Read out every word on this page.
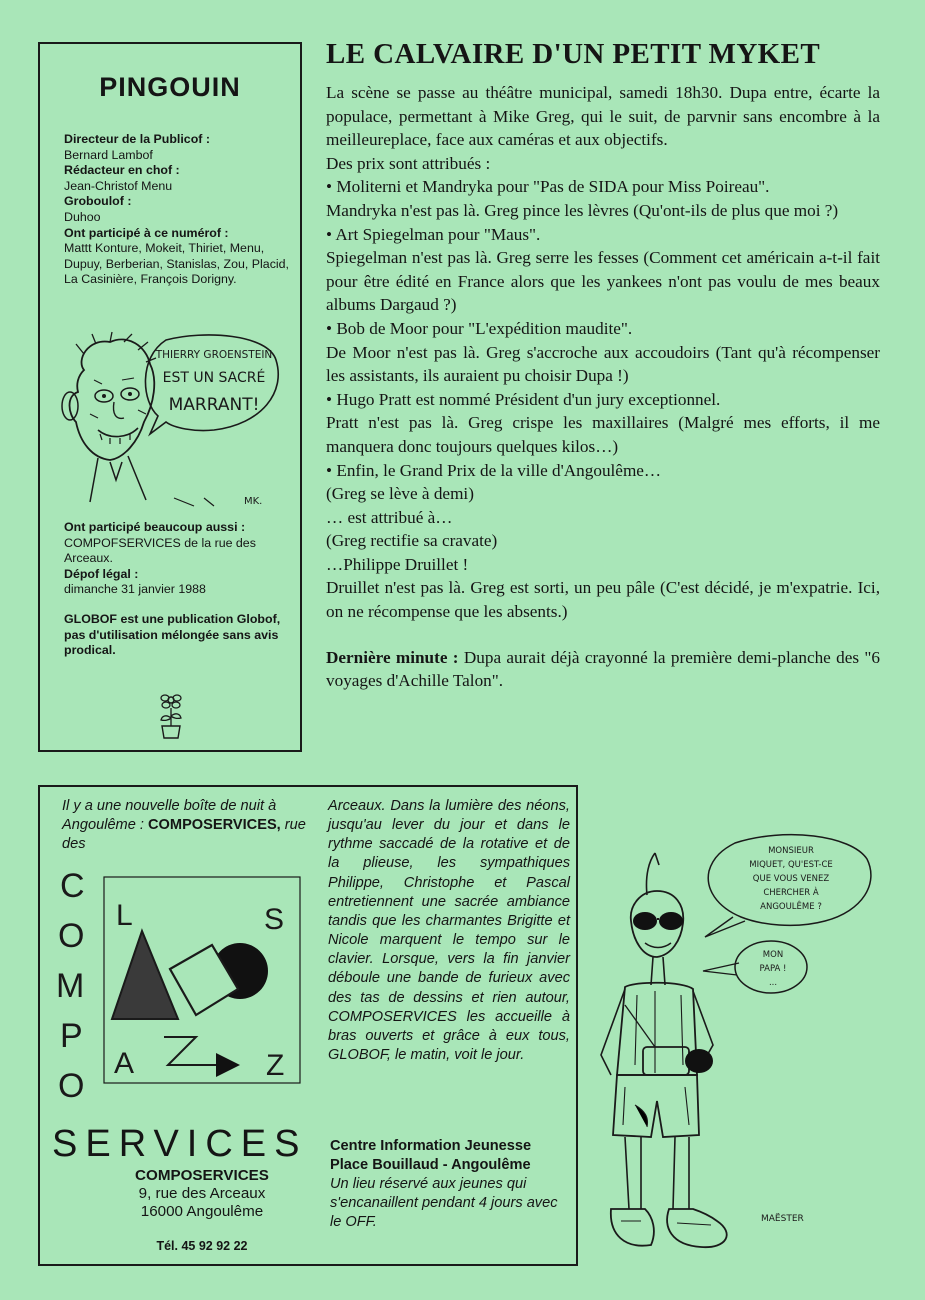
PINGOUIN
Directeur de la Publicof :
Bernard Lambof
Rédacteur en chof :
Jean-Christof Menu
Groboulof :
Duhoo
Ont participé à ce numérof :
Mattt Konture, Mokeit, Thiriet, Menu, Dupuy, Berberian, Stanislas, Zou, Placid, La Casinière, François Dorigny.
THIERRY GROENSTEIN
EST UN SACRÉ
MARRANT!
MK.
Ont participé beaucoup aussi :
COMPOFSERVICES de la rue des Arceaux.
Dépof légal :
dimanche 31 janvier 1988
GLOBOF est une publication Globof, pas d'utilisation mélongée sans avis prodical.
LE CALVAIRE D'UN PETIT MYKET

La scène se passe au théâtre municipal, samedi 18h30. Dupa entre, écarte la populace, permettant à Mike Greg, qui le suit, de parvnir sans encombre à la meilleureplace, face aux caméras et aux objectifs.

Des prix sont attribués :

• Moliterni et Mandryka pour "Pas de SIDA pour Miss Poireau".

Mandryka n'est pas là. Greg pince les lèvres (Qu'ont-ils de plus que moi ?)

• Art Spiegelman pour "Maus".

Spiegelman n'est pas là. Greg serre les fesses (Comment cet américain a-t-il fait pour être édité en France alors que les yankees n'ont pas voulu de mes beaux albums Dargaud ?)

• Bob de Moor pour "L'expédition maudite".

De Moor n'est pas là. Greg s'accroche aux accoudoirs (Tant qu'à récompenser les assistants, ils auraient pu choisir Dupa !)

• Hugo Pratt est nommé Président d'un jury exceptionnel.

Pratt n'est pas là. Greg crispe les maxillaires (Malgré mes efforts, il me manquera donc toujours quelques kilos…)

• Enfin, le Grand Prix de la ville d'Angoulême…

(Greg se lève à demi)

… est attribué à…

(Greg rectifie sa cravate)

…Philippe Druillet !

Druillet n'est pas là. Greg est sorti, un peu pâle (C'est décidé, je m'expatrie. Ici, on ne récompense que les absents.)

Dernière minute : Dupa aurait déjà crayonné la première demi-planche des "6 voyages d'Achille Talon".

Il y a une nouvelle boîte de nuit à Angoulême : COMPOSERVICES, rue des
C
O
M
P
O
L	S
A	Z
SERVICES
COMPOSERVICES
9, rue des Arceaux
16000 Angoulême
Tél. 45 92 92 22
Arceaux. Dans la lumière des néons, jusqu'au lever du jour et dans le rythme saccadé de la rotative et de la plieuse, les sympathiques Philippe, Christophe et Pascal entretiennent une sacrée ambiance tandis que les charmantes Brigitte et Nicole marquent le tempo sur le clavier. Lorsque, vers la fin janvier déboule une bande de furieux avec des tas de dessins et rien autour, COMPOSERVICES les accueille à bras ouverts et grâce à eux tous, GLOBOF, le matin, voit le jour.
Centre Information Jeunesse
Place Bouillaud - Angoulême
Un lieu réservé aux jeunes qui s'encanaillent pendant 4 jours avec le OFF.
MONSIEUR
MIQUET, QU'EST-CE
QUE VOUS VENEZ
CHERCHER À
ANGOULÊME ?
MON
PAPA !
...
MAËSTER
